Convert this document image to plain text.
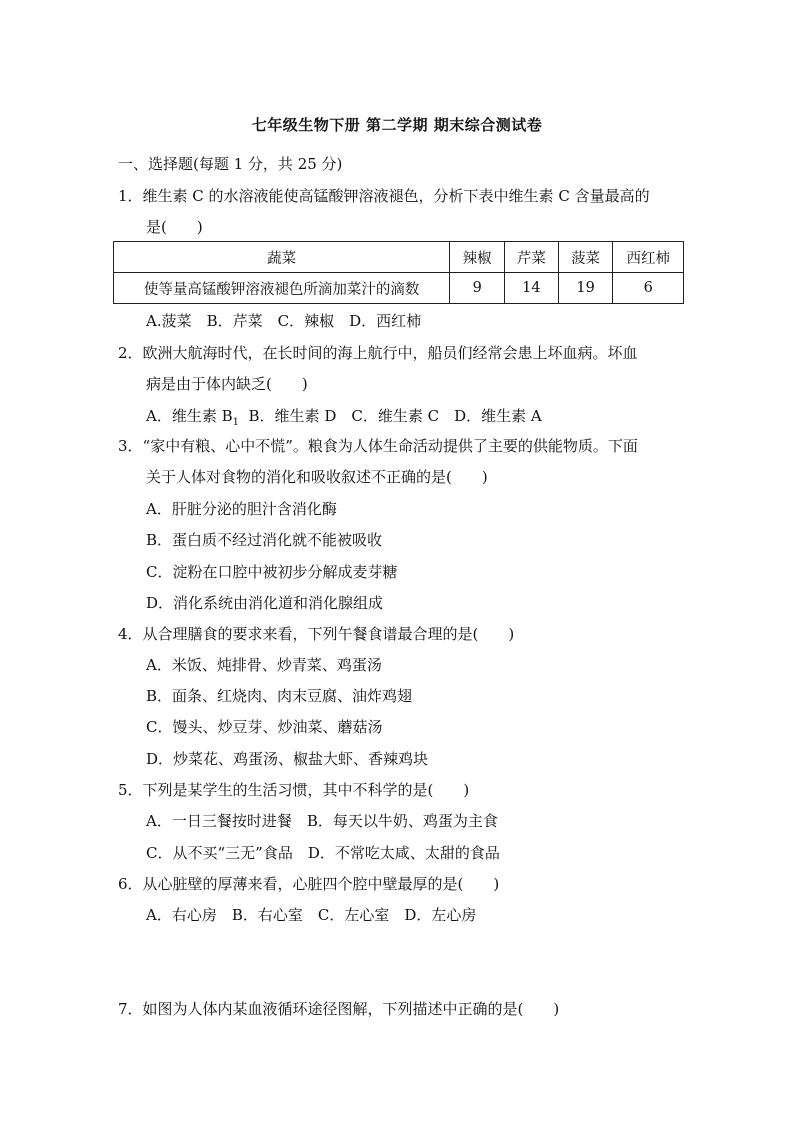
七年级生物下册 第二学期 期末综合测试卷
一、选择题(每题 1 分，共 25 分)
1．维生素 C 的水溶液能使高锰酸钾溶液褪色，分析下表中维生素 C 含量最高的
是(　　)
蔬菜	辣椒	芹菜	菠菜	西红柿
使等量高锰酸钾溶液褪色所滴加菜汁的滴数	9	14	19	6
A.菠菜　B．芹菜　C．辣椒　D．西红柿
2．欧洲大航海时代，在长时间的海上航行中，船员们经常会患上坏血病。坏血
病是由于体内缺乏(　　)
A．维生素 $B_1$  B．维生素 D　C．维生素 C　D．维生素 A
3．“家中有粮、心中不慌”。粮食为人体生命活动提供了主要的供能物质。下面
关于人体对食物的消化和吸收叙述不正确的是(　　)
A．肝脏分泌的胆汁含消化酶
B．蛋白质不经过消化就不能被吸收
C．淀粉在口腔中被初步分解成麦芽糖
D．消化系统由消化道和消化腺组成
4．从合理膳食的要求来看，下列午餐食谱最合理的是(　　)
A．米饭、炖排骨、炒青菜、鸡蛋汤
B．面条、红烧肉、肉末豆腐、油炸鸡翅
C．馒头、炒豆芽、炒油菜、蘑菇汤
D．炒菜花、鸡蛋汤、椒盐大虾、香辣鸡块
5．下列是某学生的生活习惯，其中不科学的是(　　)
A．一日三餐按时进餐　B．每天以牛奶、鸡蛋为主食
C．从不买“三无”食品　D．不常吃太咸、太甜的食品
6．从心脏壁的厚薄来看，心脏四个腔中壁最厚的是(　　)
A．右心房　B．右心室　C．左心室　D．左心房
7．如图为人体内某血液循环途径图解，下列描述中正确的是(　　)
